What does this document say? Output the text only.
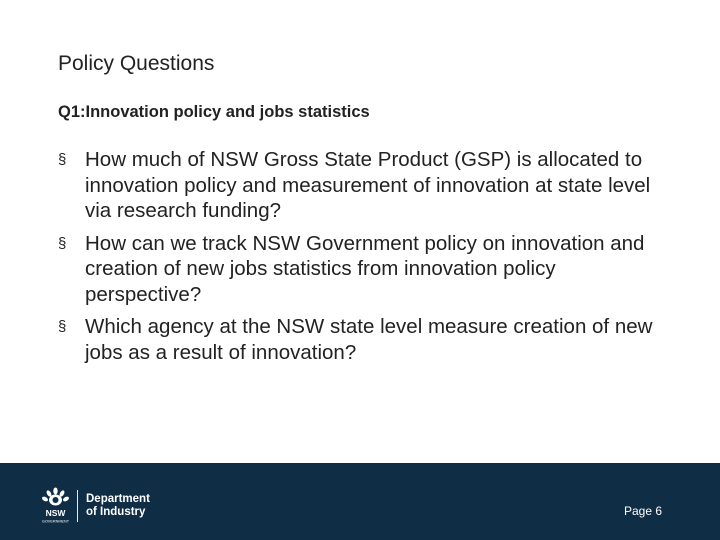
Policy Questions
Q1:Innovation policy and jobs statistics
§ How much of NSW Gross State Product (GSP) is allocated to innovation policy and measurement of innovation at state level via research funding?
§ How can we track NSW Government policy on innovation and creation of new jobs statistics from innovation policy perspective?
§ Which agency at the NSW state level measure creation of new jobs as a result of innovation?
NSW
GOVERNMENT
Department
of Industry	Page 6
